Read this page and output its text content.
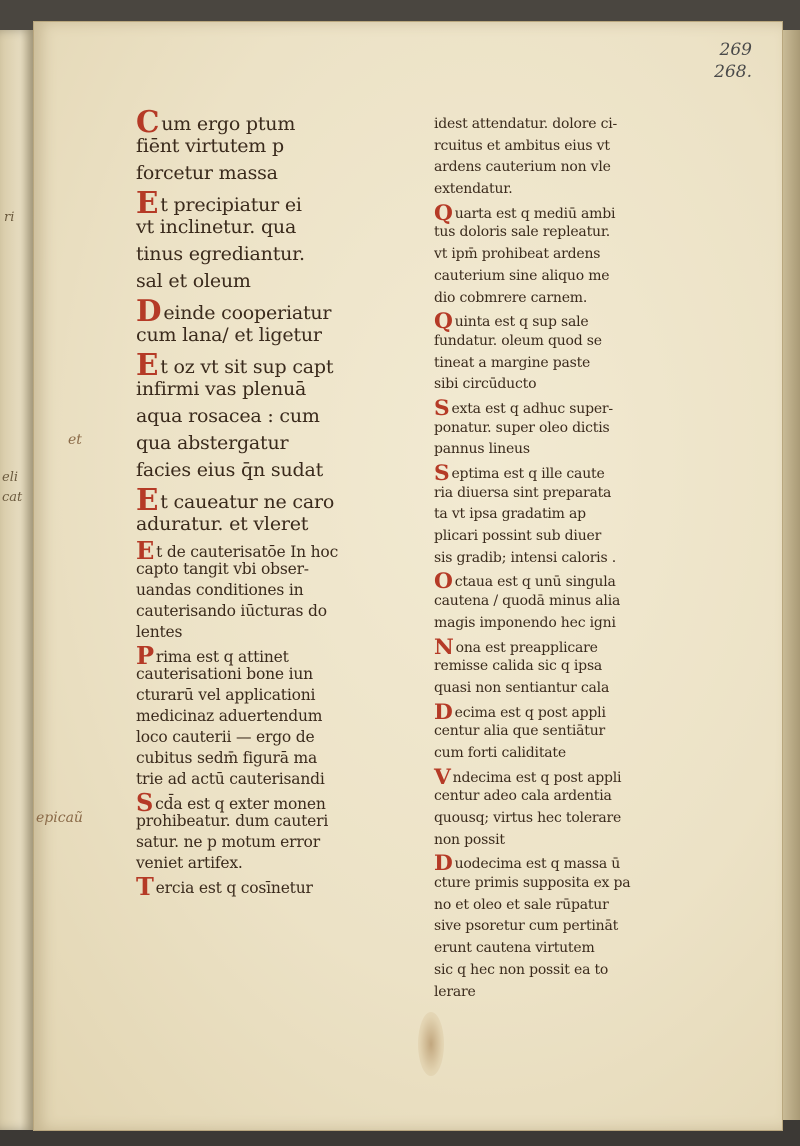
ri
eli
cat
269
268.
et
epicaũ
Cum ergo ptum
fiēnt virtutem p
forcetur massa
Et precipiatur ei
vt inclinetur. qua
tinus egrediantur.
sal et oleum
Deinde cooperiatur
cum lana/ et ligetur
Et oz vt sit sup capt
infirmi vas plenuā
aqua rosacea : cum
qua abstergatur
facies eius q̄n sudat
Et caueatur ne caro
aduratur. et vleret
Et de cauterisatōe In hoc
capto tangit vbi obser-
uandas conditiones in
cauterisando iūcturas do
lentes
Prima est q attinet
cauterisationi bone iun
cturarū vel applicationi
medicinaz aduertendum
loco cauterii — ergo de
cubitus sedm̄ figurā ma
trie ad actū cauterisandi
Scd̄a est q exter monen
prohibeatur. dum cauteri
satur. ne p motum error
veniet artifex.
Tercia est q cosīnetur
idest attendatur. dolore ci-
rcuitus et ambitus eius vt
ardens cauterium non vle
extendatur.
Quarta est q mediū ambi
tus doloris sale repleatur.
vt ipm̄ prohibeat ardens
cauterium sine aliquo me
dio cobmrere carnem.
Quinta est q sup sale
fundatur. oleum quod se
tineat a margine paste
sibi circūducto
Sexta est q adhuc super-
ponatur. super oleo dictis
pannus lineus
Septima est q ille caute
ria diuersa sint preparata
ta vt ipsa gradatim ap
plicari possint sub diuer
sis gradib; intensi caloris .
Octaua est q unū singula
cautena / quodā minus alia
magis imponendo hec igni
Nona est preapplicare
remisse calida sic q ipsa
quasi non sentiantur cala
Decima est q post appli
centur alia que sentiātur
cum forti caliditate
Vndecima est q post appli
centur adeo cala ardentia
quousq; virtus hec tolerare
non possit
Duodecima est q massa ū
cture primis supposita ex pa
no et oleo et sale rūpatur
sive psoretur cum pertināt
erunt cautena virtutem
sic q hec non possit ea to
lerare
